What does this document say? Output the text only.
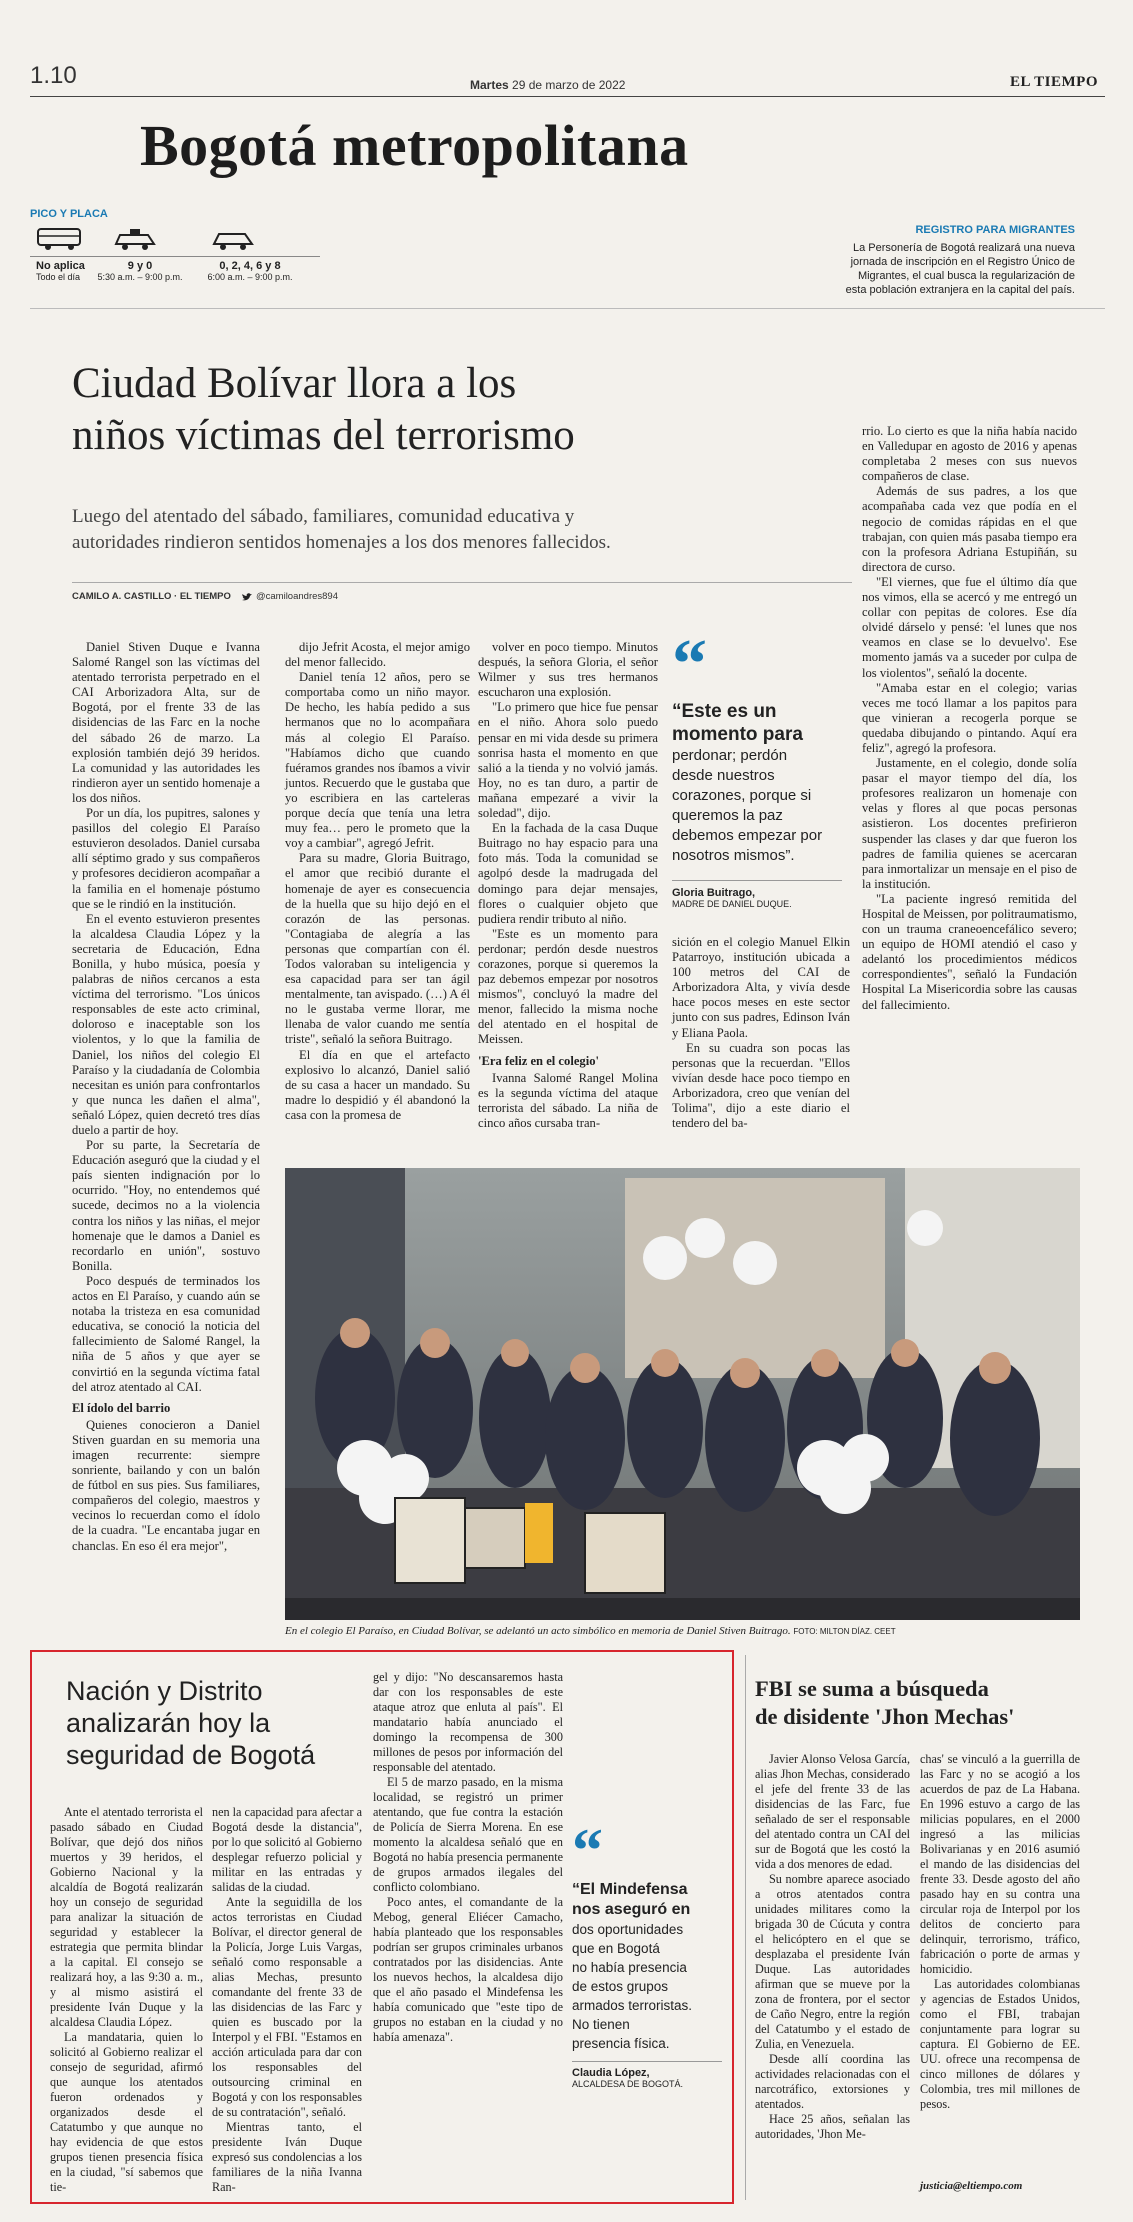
1.10	Martes 29 de marzo de 2022	EL TIEMPO
Bogotá metropolitana
PICO Y PLACA
No aplica
Todo el día
9 y 0
5:30 a.m. – 9:00 p.m.
0, 2, 4, 6 y 8
6:00 a.m. – 9:00 p.m.
REGISTRO PARA MIGRANTES
La Personería de Bogotá realizará una nueva
jornada de inscripción en el Registro Único de
Migrantes, el cual busca la regularización de
esta población extranjera en la capital del país.
Ciudad Bolívar llora a los
niños víctimas del terrorismo
Luego del atentado del sábado, familiares, comunidad educativa y
autoridades rindieron sentidos homenajes a los dos menores fallecidos.
CAMILO A. CASTILLO · EL TIEMPO	@camiloandres894

Daniel Stiven Duque e Ivanna Salomé Rangel son las víctimas del atentado terrorista perpetrado en el CAI Arborizadora Alta, sur de Bogotá, por el frente 33 de las disidencias de las Farc en la noche del sábado 26 de marzo. La explosión también dejó 39 heridos. La comunidad y las autoridades les rindieron ayer un sentido homenaje a los dos niños.

Por un día, los pupitres, salones y pasillos del colegio El Paraíso estuvieron desolados. Daniel cursaba allí séptimo grado y sus compañeros y profesores decidieron acompañar a la familia en el homenaje póstumo que se le rindió en la institución.

En el evento estuvieron presentes la alcaldesa Claudia López y la secretaria de Educación, Edna Bonilla, y hubo música, poesía y palabras de niños cercanos a esta víctima del terrorismo. "Los únicos responsables de este acto criminal, doloroso e inaceptable son los violentos, y lo que la familia de Daniel, los niños del colegio El Paraíso y la ciudadanía de Colombia necesitan es unión para confrontarlos y que nunca les dañen el alma", señaló López, quien decretó tres días duelo a partir de hoy.

Por su parte, la Secretaría de Educación aseguró que la ciudad y el país sienten indignación por lo ocurrido. "Hoy, no entendemos qué sucede, decimos no a la violencia contra los niños y las niñas, el mejor homenaje que le damos a Daniel es recordarlo en unión", sostuvo Bonilla.

Poco después de terminados los actos en El Paraíso, y cuando aún se notaba la tristeza en esa comunidad educativa, se conoció la noticia del fallecimiento de Salomé Rangel, la niña de 5 años y que ayer se convirtió en la segunda víctima fatal del atroz atentado al CAI.

El ídolo del barrio

Quienes conocieron a Daniel Stiven guardan en su memoria una imagen recurrente: siempre sonriente, bailando y con un balón de fútbol en sus pies. Sus familiares, compañeros del colegio, maestros y vecinos lo recuerdan como el ídolo de la cuadra. "Le encantaba jugar en chanclas. En eso él era mejor",

dijo Jefrit Acosta, el mejor amigo del menor fallecido.

Daniel tenía 12 años, pero se comportaba como un niño mayor. De hecho, les había pedido a sus hermanos que no lo acompañara más al colegio El Paraíso. "Habíamos dicho que cuando fuéramos grandes nos íbamos a vivir juntos. Recuerdo que le gustaba que yo escribiera en las carteleras porque decía que tenía una letra muy fea… pero le prometo que la voy a cambiar", agregó Jefrit.

Para su madre, Gloria Buitrago, el amor que recibió durante el homenaje de ayer es consecuencia de la huella que su hijo dejó en el corazón de las personas. "Contagiaba de alegría a las personas que compartían con él. Todos valoraban su inteligencia y esa capacidad para ser tan ágil mentalmente, tan avispado. (…) A él no le gustaba verme llorar, me llenaba de valor cuando me sentía triste", señaló la señora Buitrago.

El día en que el artefacto explosivo lo alcanzó, Daniel salió de su casa a hacer un mandado. Su madre lo despidió y él abandonó la casa con la promesa de

volver en poco tiempo. Minutos después, la señora Gloria, el señor Wilmer y sus tres hermanos escucharon una explosión.

"Lo primero que hice fue pensar en el niño. Ahora solo puedo pensar en mi vida desde su primera sonrisa hasta el momento en que salió a la tienda y no volvió jamás. Hoy, no es tan duro, a partir de mañana empezaré a vivir la soledad", dijo.

En la fachada de la casa Duque Buitrago no hay espacio para una foto más. Toda la comunidad se agolpó desde la madrugada del domingo para dejar mensajes, flores o cualquier objeto que pudiera rendir tributo al niño.

"Este es un momento para perdonar; perdón desde nuestros corazones, porque si queremos la paz debemos empezar por nosotros mismos", concluyó la madre del menor, fallecido la misma noche del atentado en el hospital de Meissen.

'Era feliz en el colegio'

Ivanna Salomé Rangel Molina es la segunda víctima del ataque terrorista del sábado. La niña de cinco años cursaba tran-

“
“Este es un
momento para
perdonar; perdón
desde nuestros
corazones, porque si
queremos la paz
debemos empezar por
nosotros mismos”.
Gloria Buitrago,
MADRE DE DANIEL DUQUE.

sición en el colegio Manuel Elkin Patarroyo, institución ubicada a 100 metros del CAI de Arborizadora Alta, y vivía desde hace pocos meses en este sector junto con sus padres, Edinson Iván y Eliana Paola.

En su cuadra son pocas las personas que la recuerdan. "Ellos vivían desde hace poco tiempo en Arborizadora, creo que venían del Tolima", dijo a este diario el tendero del ba-

rrio. Lo cierto es que la niña había nacido en Valledupar en agosto de 2016 y apenas completaba 2 meses con sus nuevos compañeros de clase.

Además de sus padres, a los que acompañaba cada vez que podía en el negocio de comidas rápidas en el que trabajan, con quien más pasaba tiempo era con la profesora Adriana Estupiñán, su directora de curso.

"El viernes, que fue el último día que nos vimos, ella se acercó y me entregó un collar con pepitas de colores. Ese día olvidé dárselo y pensé: 'el lunes que nos veamos en clase se lo devuelvo'. Ese momento jamás va a suceder por culpa de los violentos", señaló la docente.

"Amaba estar en el colegio; varias veces me tocó llamar a los papitos para que vinieran a recogerla porque se quedaba dibujando o pintando. Aquí era feliz", agregó la profesora.

Justamente, en el colegio, donde solía pasar el mayor tiempo del día, los profesores realizaron un homenaje con velas y flores al que pocas personas asistieron. Los docentes prefirieron suspender las clases y dar que fueron los padres de familia quienes se acercaran para inmortalizar un mensaje en el piso de la institución.

"La paciente ingresó remitida del Hospital de Meissen, por politraumatismo, con un trauma craneoencefálico severo; un equipo de HOMI atendió el caso y adelantó los procedimientos médicos correspondientes", señaló la Fundación Hospital La Misericordia sobre las causas del fallecimiento.

En el colegio El Paraíso, en Ciudad Bolívar, se adelantó un acto simbólico en memoria de Daniel Stiven Buitrago. FOTO: MILTON DÍAZ. CEET
Nación y Distrito
analizarán hoy la
seguridad de Bogotá

Ante el atentado terrorista el pasado sábado en Ciudad Bolívar, que dejó dos niños muertos y 39 heridos, el Gobierno Nacional y la alcaldía de Bogotá realizarán hoy un consejo de seguridad para analizar la situación de seguridad y establecer la estrategia que permita blindar a la capital. El consejo se realizará hoy, a las 9:30 a. m., y al mismo asistirá el presidente Iván Duque y la alcaldesa Claudia López.

La mandataria, quien lo solicitó al Gobierno realizar el consejo de seguridad, afirmó que aunque los atentados fueron ordenados y organizados desde el Catatumbo y que aunque no hay evidencia de que estos grupos tienen presencia física en la ciudad, "sí sabemos que tie-

nen la capacidad para afectar a Bogotá desde la distancia", por lo que solicitó al Gobierno desplegar refuerzo policial y militar en las entradas y salidas de la ciudad.

Ante la seguidilla de los actos terroristas en Ciudad Bolívar, el director general de la Policía, Jorge Luis Vargas, señaló como responsable a alias Mechas, presunto comandante del frente 33 de las disidencias de las Farc y quien es buscado por la Interpol y el FBI. "Estamos en acción articulada para dar con los responsables del outsourcing criminal en Bogotá y con los responsables de su contratación", señaló.

Mientras tanto, el presidente Iván Duque expresó sus condolencias a los familiares de la niña Ivanna Ran-

gel y dijo: "No descansaremos hasta dar con los responsables de este ataque atroz que enluta al país". El mandatario había anunciado el domingo la recompensa de 300 millones de pesos por información del responsable del atentado.

El 5 de marzo pasado, en la misma localidad, se registró un primer atentando, que fue contra la estación de Policía de Sierra Morena. En ese momento la alcaldesa señaló que en Bogotá no había presencia permanente de grupos armados ilegales del conflicto colombiano.

Poco antes, el comandante de la Mebog, general Eliécer Camacho, había planteado que los responsables podrían ser grupos criminales urbanos contratados por las disidencias. Ante los nuevos hechos, la alcaldesa dijo que el año pasado el Mindefensa les había comunicado que "este tipo de grupos no estaban en la ciudad y no había amenaza".

“
“El Mindefensa
nos aseguró en
dos oportunidades
que en Bogotá
no había presencia
de estos grupos
armados terroristas.
No tienen
presencia física.
Claudia López,
ALCALDESA DE BOGOTÁ.
FBI se suma a búsqueda
de disidente 'Jhon Mechas'

Javier Alonso Velosa García, alias Jhon Mechas, considerado el jefe del frente 33 de las disidencias de las Farc, fue señalado de ser el responsable del atentado contra un CAI del sur de Bogotá que les costó la vida a dos menores de edad.

Su nombre aparece asociado a otros atentados contra unidades militares como la brigada 30 de Cúcuta y contra el helicóptero en el que se desplazaba el presidente Iván Duque. Las autoridades afirman que se mueve por la zona de frontera, por el sector de Caño Negro, entre la región del Catatumbo y el estado de Zulia, en Venezuela.

Desde allí coordina las actividades relacionadas con el narcotráfico, extorsiones y atentados.

Hace 25 años, señalan las autoridades, 'Jhon Me-

chas' se vinculó a la guerrilla de las Farc y no se acogió a los acuerdos de paz de La Habana. En 1996 estuvo a cargo de las milicias populares, en el 2000 ingresó a las milicias Bolivarianas y en 2016 asumió el mando de las disidencias del frente 33. Desde agosto del año pasado hay en su contra una circular roja de Interpol por los delitos de concierto para delinquir, terrorismo, tráfico, fabricación o porte de armas y homicidio.

Las autoridades colombianas y agencias de Estados Unidos, como el FBI, trabajan conjuntamente para lograr su captura. El Gobierno de EE. UU. ofrece una recompensa de cinco millones de dólares y Colombia, tres mil millones de pesos.

justicia@eltiempo.com
